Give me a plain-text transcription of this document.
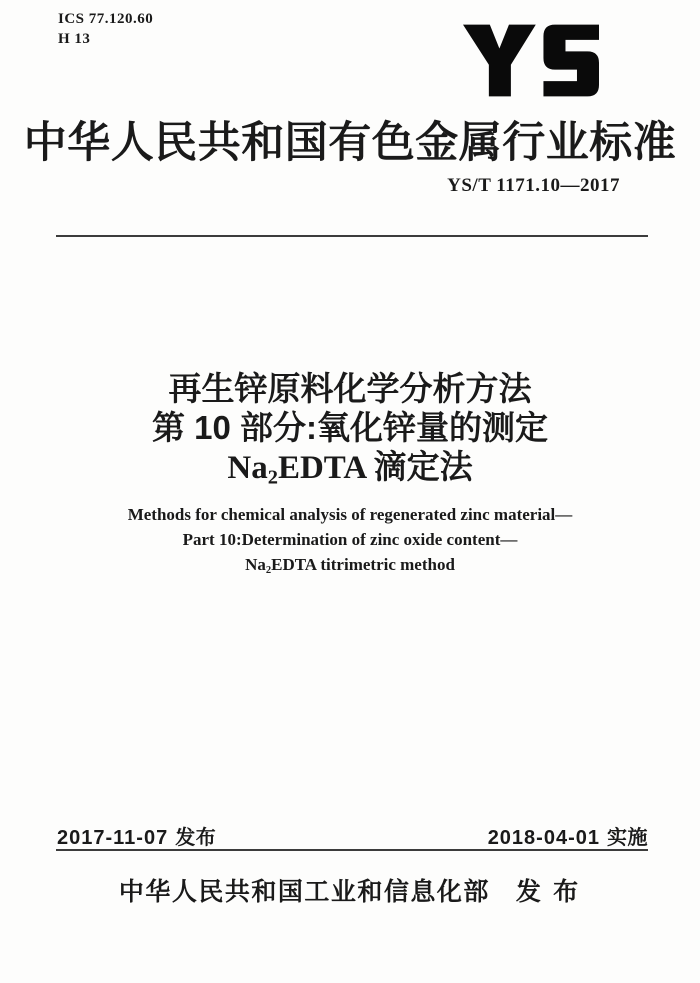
ICS 77.120.60
H 13
中华人民共和国有色金属行业标准
YS/T 1171.10—2017
再生锌原料化学分析方法
第 10 部分:氧化锌量的测定
$Na_2EDTA$ 滴定法
Methods for chemical analysis of regenerated zinc material—
Part 10:Determination of zinc oxide content—
$Na_2EDTA$ titrimetric method
2017-11-07 发布	2018-04-01 实施
中华人民共和国工业和信息化部 发 布
